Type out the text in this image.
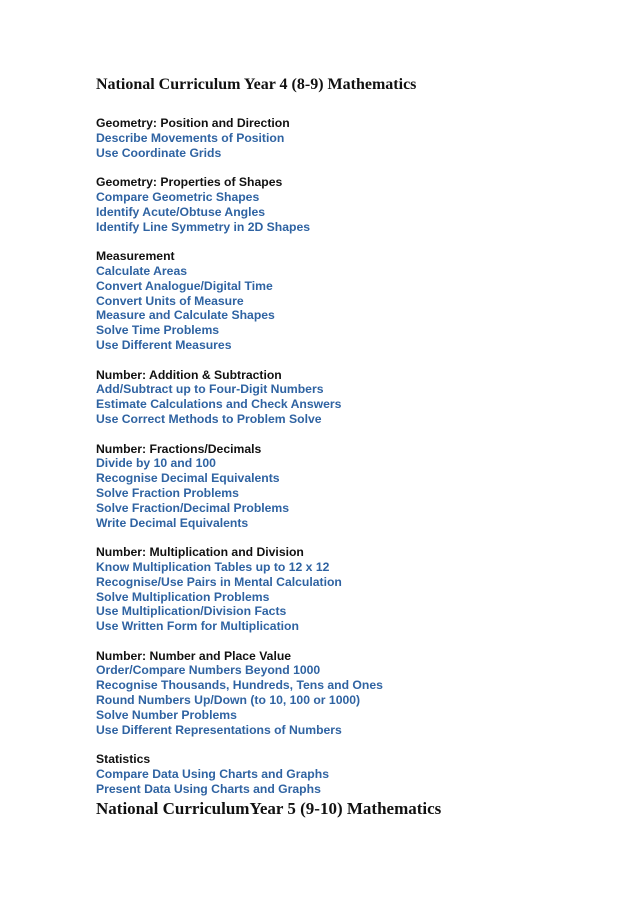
National Curriculum Year 4 (8-9) Mathematics
Geometry: Position and Direction
Describe Movements of Position
Use Coordinate Grids
Geometry: Properties of Shapes
Compare Geometric Shapes
Identify Acute/Obtuse Angles
Identify Line Symmetry in 2D Shapes
Measurement
Calculate Areas
Convert Analogue/Digital Time
Convert Units of Measure
Measure and Calculate Shapes
Solve Time Problems
Use Different Measures
Number: Addition & Subtraction
Add/Subtract up to Four-Digit Numbers
Estimate Calculations and Check Answers
Use Correct Methods to Problem Solve
Number: Fractions/Decimals
Divide by 10 and 100
Recognise Decimal Equivalents
Solve Fraction Problems
Solve Fraction/Decimal Problems
Write Decimal Equivalents
Number: Multiplication and Division
Know Multiplication Tables up to 12 x 12
Recognise/Use Pairs in Mental Calculation
Solve Multiplication Problems
Use Multiplication/Division Facts
Use Written Form for Multiplication
Number: Number and Place Value
Order/Compare Numbers Beyond 1000
Recognise Thousands, Hundreds, Tens and Ones
Round Numbers Up/Down (to 10, 100 or 1000)
Solve Number Problems
Use Different Representations of Numbers
Statistics
Compare Data Using Charts and Graphs
Present Data Using Charts and Graphs
National CurriculumYear 5 (9-10) Mathematics
